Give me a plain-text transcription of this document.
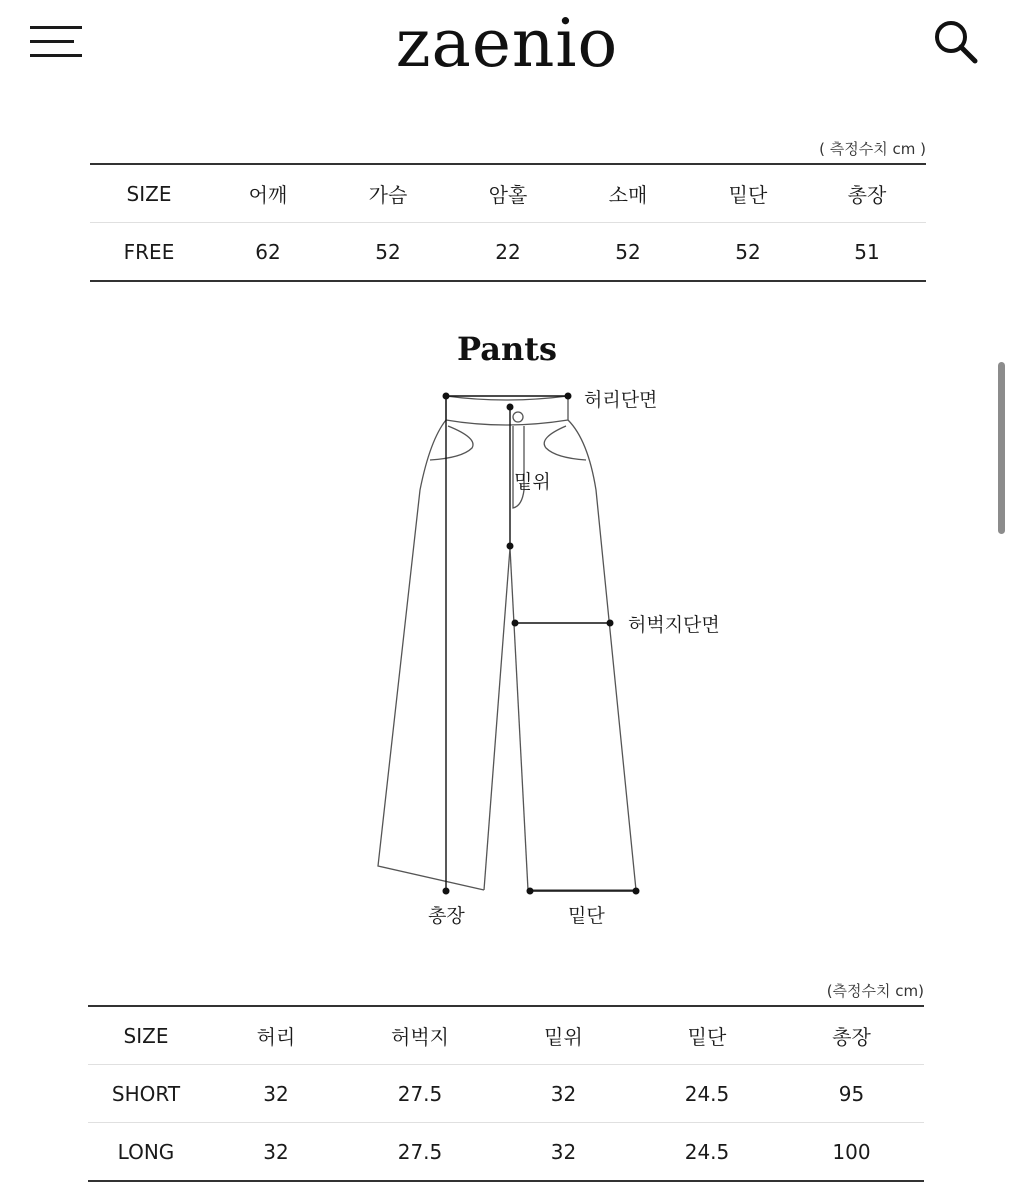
zaenio
( 측정수치 cm )
SIZE	어깨	가슴	암홀	소매	밑단	총장
FREE	62	52	22	52	52	51
Pants
허리단면
밑위
허벅지단면
총장	밑단
(측정수치 cm)
SIZE	허리	허벅지	밑위	밑단	총장
SHORT	32	27.5	32	24.5	95
LONG	32	27.5	32	24.5	100
